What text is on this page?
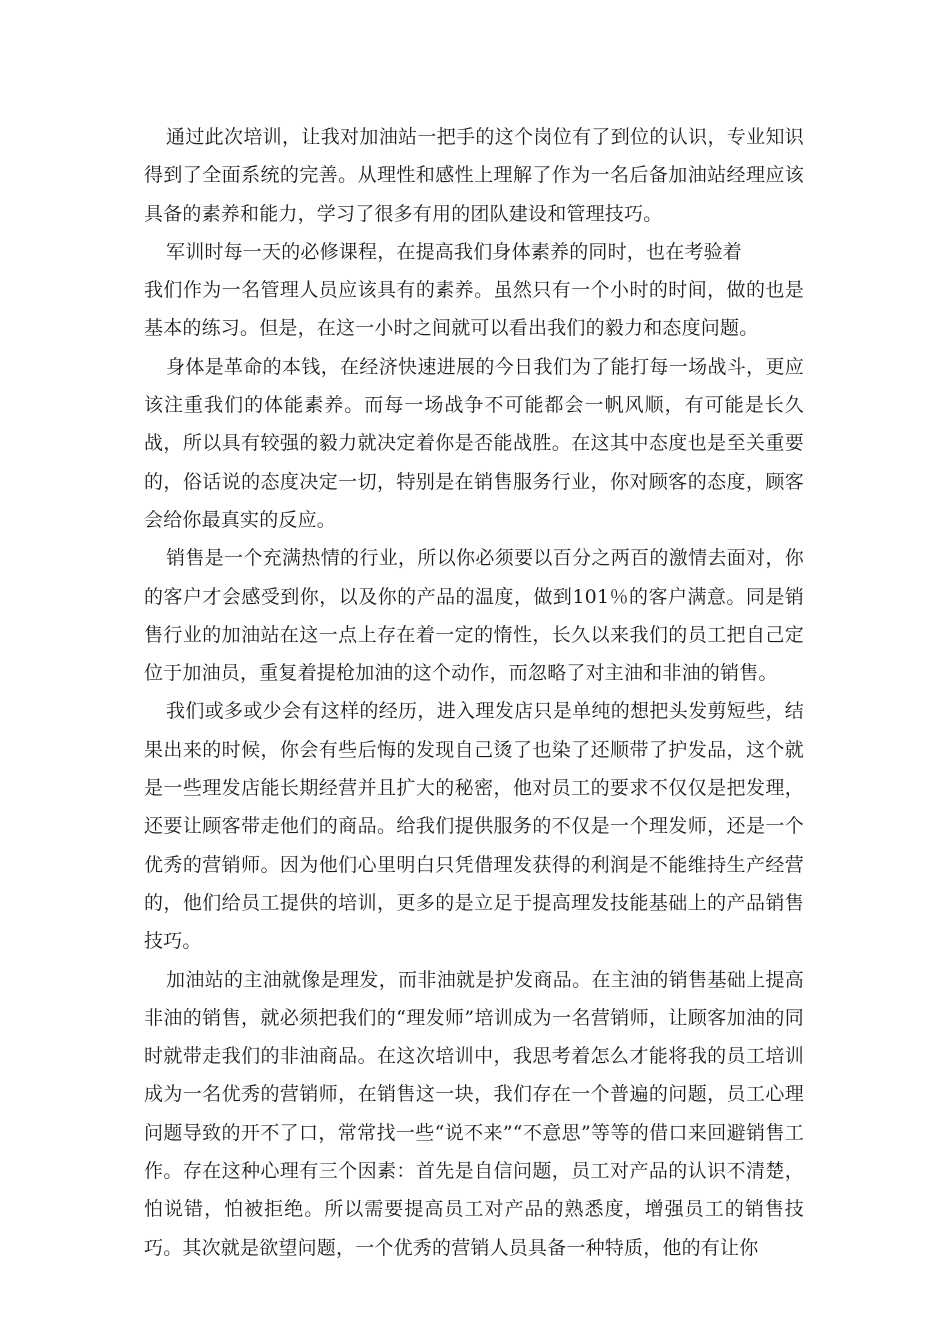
通过此次培训，让我对加油站一把手的这个岗位有了到位的认识，专业知识得到了全面系统的完善。从理性和感性上理解了作为一名后备加油站经理应该具备的素养和能力，学习了很多有用的团队建设和管理技巧。

军训时每一天的必修课程，在提高我们身体素养的同时，也在考验着

我们作为一名管理人员应该具有的素养。虽然只有一个小时的时间，做的也是基本的练习。但是，在这一小时之间就可以看出我们的毅力和态度问题。

身体是革命的本钱，在经济快速进展的今日我们为了能打每一场战斗，更应该注重我们的体能素养。而每一场战争不可能都会一帆风顺，有可能是长久战，所以具有较强的毅力就决定着你是否能战胜。在这其中态度也是至关重要的，俗话说的态度决定一切，特别是在销售服务行业，你对顾客的态度，顾客会给你最真实的反应。

销售是一个充满热情的行业，所以你必须要以百分之两百的激情去面对，你的客户才会感受到你，以及你的产品的温度，做到101％的客户满意。同是销售行业的加油站在这一点上存在着一定的惰性，长久以来我们的员工把自己定位于加油员，重复着提枪加油的这个动作，而忽略了对主油和非油的销售。

我们或多或少会有这样的经历，进入理发店只是单纯的想把头发剪短些，结果出来的时候，你会有些后悔的发现自己烫了也染了还顺带了护发品，这个就是一些理发店能长期经营并且扩大的秘密，他对员工的要求不仅仅是把发理，还要让顾客带走他们的商品。给我们提供服务的不仅是一个理发师，还是一个优秀的营销师。因为他们心里明白只凭借理发获得的利润是不能维持生产经营的，他们给员工提供的培训，更多的是立足于提高理发技能基础上的产品销售技巧。

加油站的主油就像是理发，而非油就是护发商品。在主油的销售基础上提高非油的销售，就必须把我们的“理发师”培训成为一名营销师，让顾客加油的同时就带走我们的非油商品。在这次培训中，我思考着怎么才能将我的员工培训成为一名优秀的营销师，在销售这一块，我们存在一个普遍的问题，员工心理问题导致的开不了口，常常找一些“说不来”“不意思”等等的借口来回避销售工作。存在这种心理有三个因素：首先是自信问题，员工对产品的认识不清楚，怕说错，怕被拒绝。所以需要提高员工对产品的熟悉度，增强员工的销售技巧。其次就是欲望问题，一个优秀的营销人员具备一种特质，他的有让你
